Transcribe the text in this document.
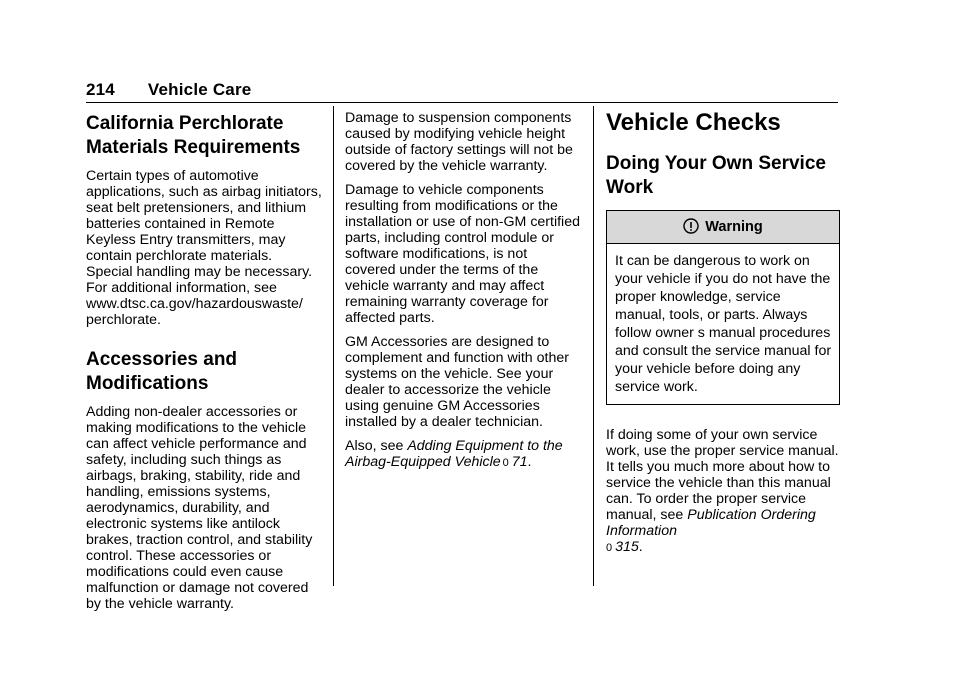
214 Vehicle Care
California Perchlorate Materials Requirements

Certain types of automotive applications, such as airbag initiators, seat belt pretensioners, and lithium batteries contained in Remote Keyless Entry transmitters, may contain perchlorate materials. Special handling may be necessary. For additional information, see www.dtsc.ca.gov/hazardouswaste/ perchlorate.

Accessories and Modifications

Adding non-dealer accessories or making modifications to the vehicle can affect vehicle performance and safety, including such things as airbags, braking, stability, ride and handling, emissions systems, aerodynamics, durability, and electronic systems like antilock brakes, traction control, and stability control. These accessories or modifications could even cause malfunction or damage not covered by the vehicle warranty.

Damage to suspension components caused by modifying vehicle height outside of factory settings will not be covered by the vehicle warranty.

Damage to vehicle components resulting from modifications or the installation or use of non-GM certified parts, including control module or software modifications, is not covered under the terms of the vehicle warranty and may affect remaining warranty coverage for affected parts.

GM Accessories are designed to complement and function with other systems on the vehicle. See your dealer to accessorize the vehicle using genuine GM Accessories installed by a dealer technician.

Also, see Adding Equipment to the Airbag-Equipped Vehicle 0 71.

Vehicle Checks
Doing Your Own Service Work
Warning
It can be dangerous to work on your vehicle if you do not have the proper knowledge, service manual, tools, or parts. Always follow owner s manual procedures and consult the service manual for your vehicle before doing any service work.

If doing some of your own service work, use the proper service manual. It tells you much more about how to service the vehicle than this manual can. To order the proper service manual, see Publication Ordering Information
0 315.
